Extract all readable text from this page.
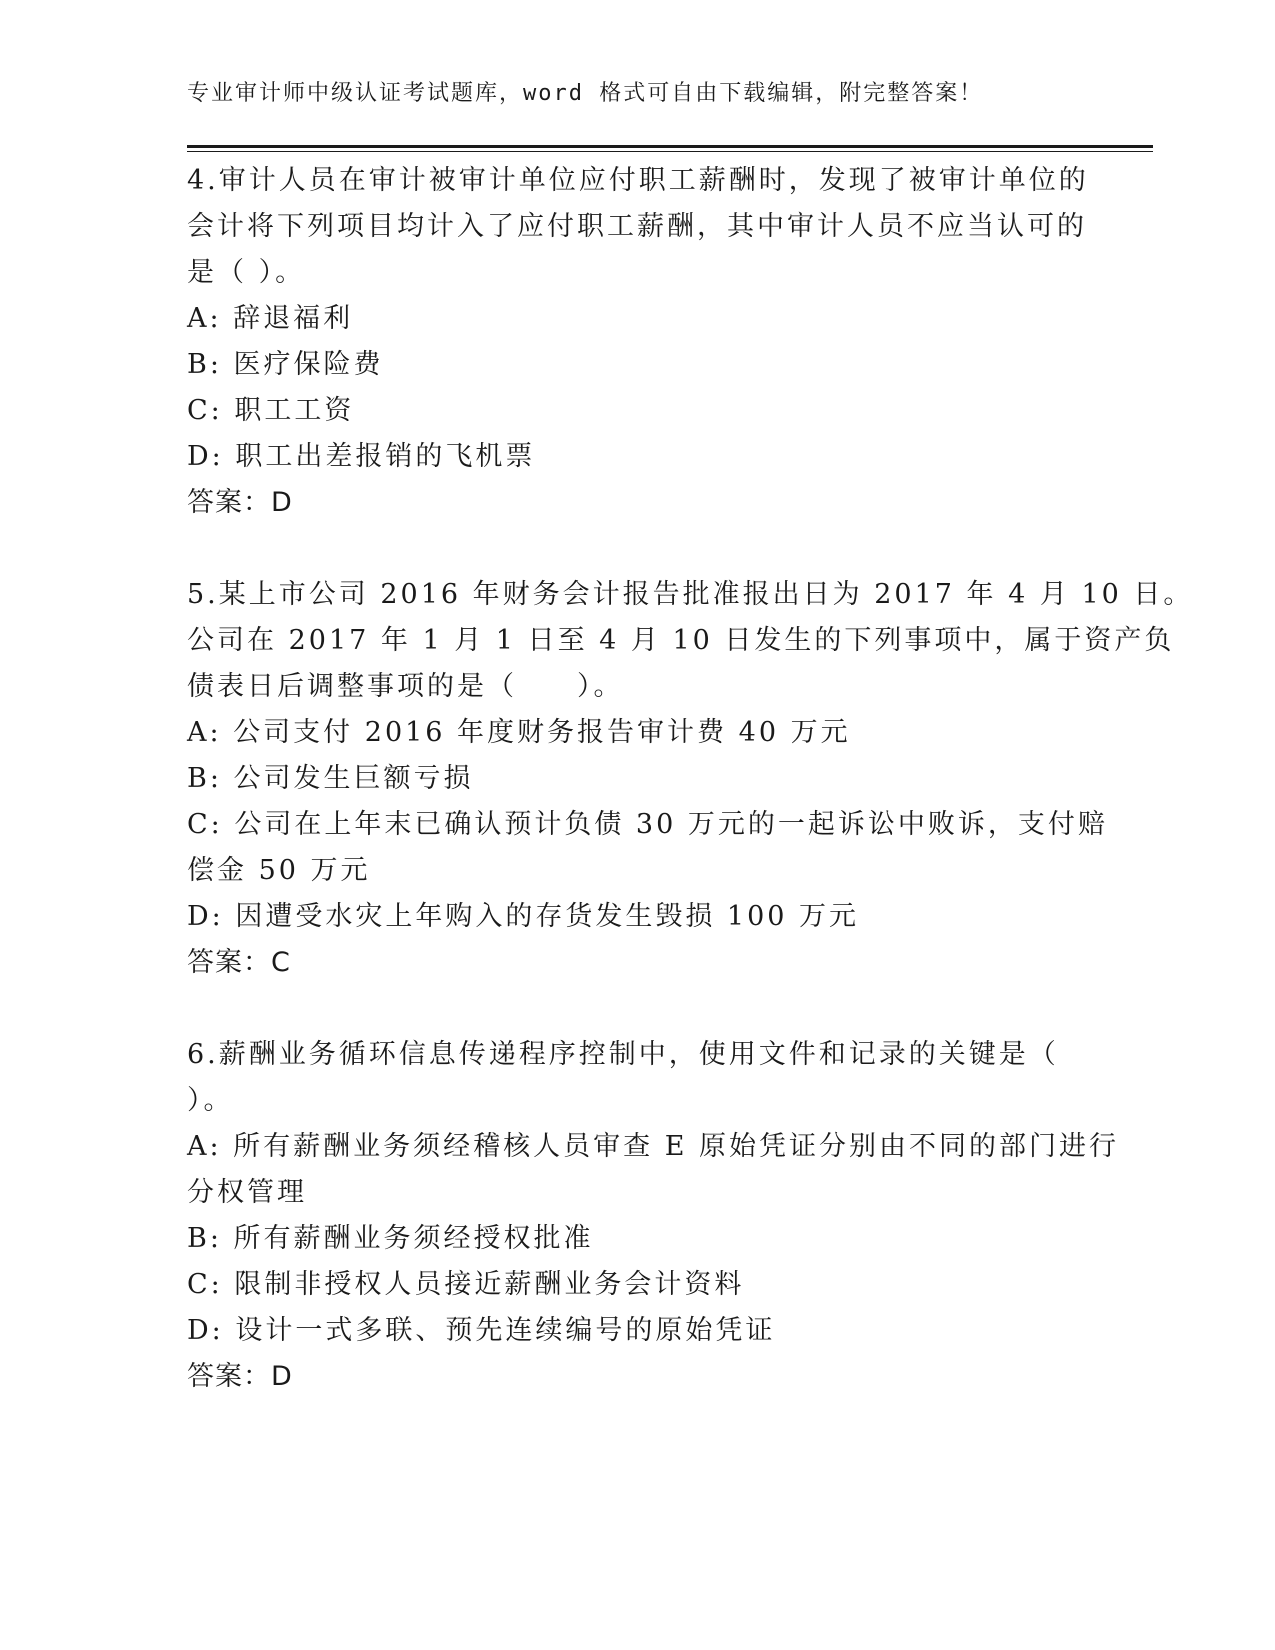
专业审计师中级认证考试题库，word 格式可自由下载编辑，附完整答案！
4.审计人员在审计被审计单位应付职工薪酬时，发现了被审计单位的
会计将下列项目均计入了应付职工薪酬，其中审计人员不应当认可的
是（ ）。
A: 辞退福利
B: 医疗保险费
C: 职工工资
D: 职工出差报销的飞机票
答案：D
5.某上市公司 2016 年财务会计报告批准报出日为 2017 年 4 月 10 日。
公司在 2017 年 1 月 1 日至 4 月 10 日发生的下列事项中，属于资产负
债表日后调整事项的是（　　）。
A: 公司支付 2016 年度财务报告审计费 40 万元
B: 公司发生巨额亏损
C: 公司在上年末已确认预计负债 30 万元的一起诉讼中败诉，支付赔
偿金 50 万元
D: 因遭受水灾上年购入的存货发生毁损 100 万元
答案：C
6.薪酬业务循环信息传递程序控制中，使用文件和记录的关键是（
）。
A: 所有薪酬业务须经稽核人员审查 E 原始凭证分别由不同的部门进行
分权管理
B: 所有薪酬业务须经授权批准
C: 限制非授权人员接近薪酬业务会计资料
D: 设计一式多联、预先连续编号的原始凭证
答案：D
